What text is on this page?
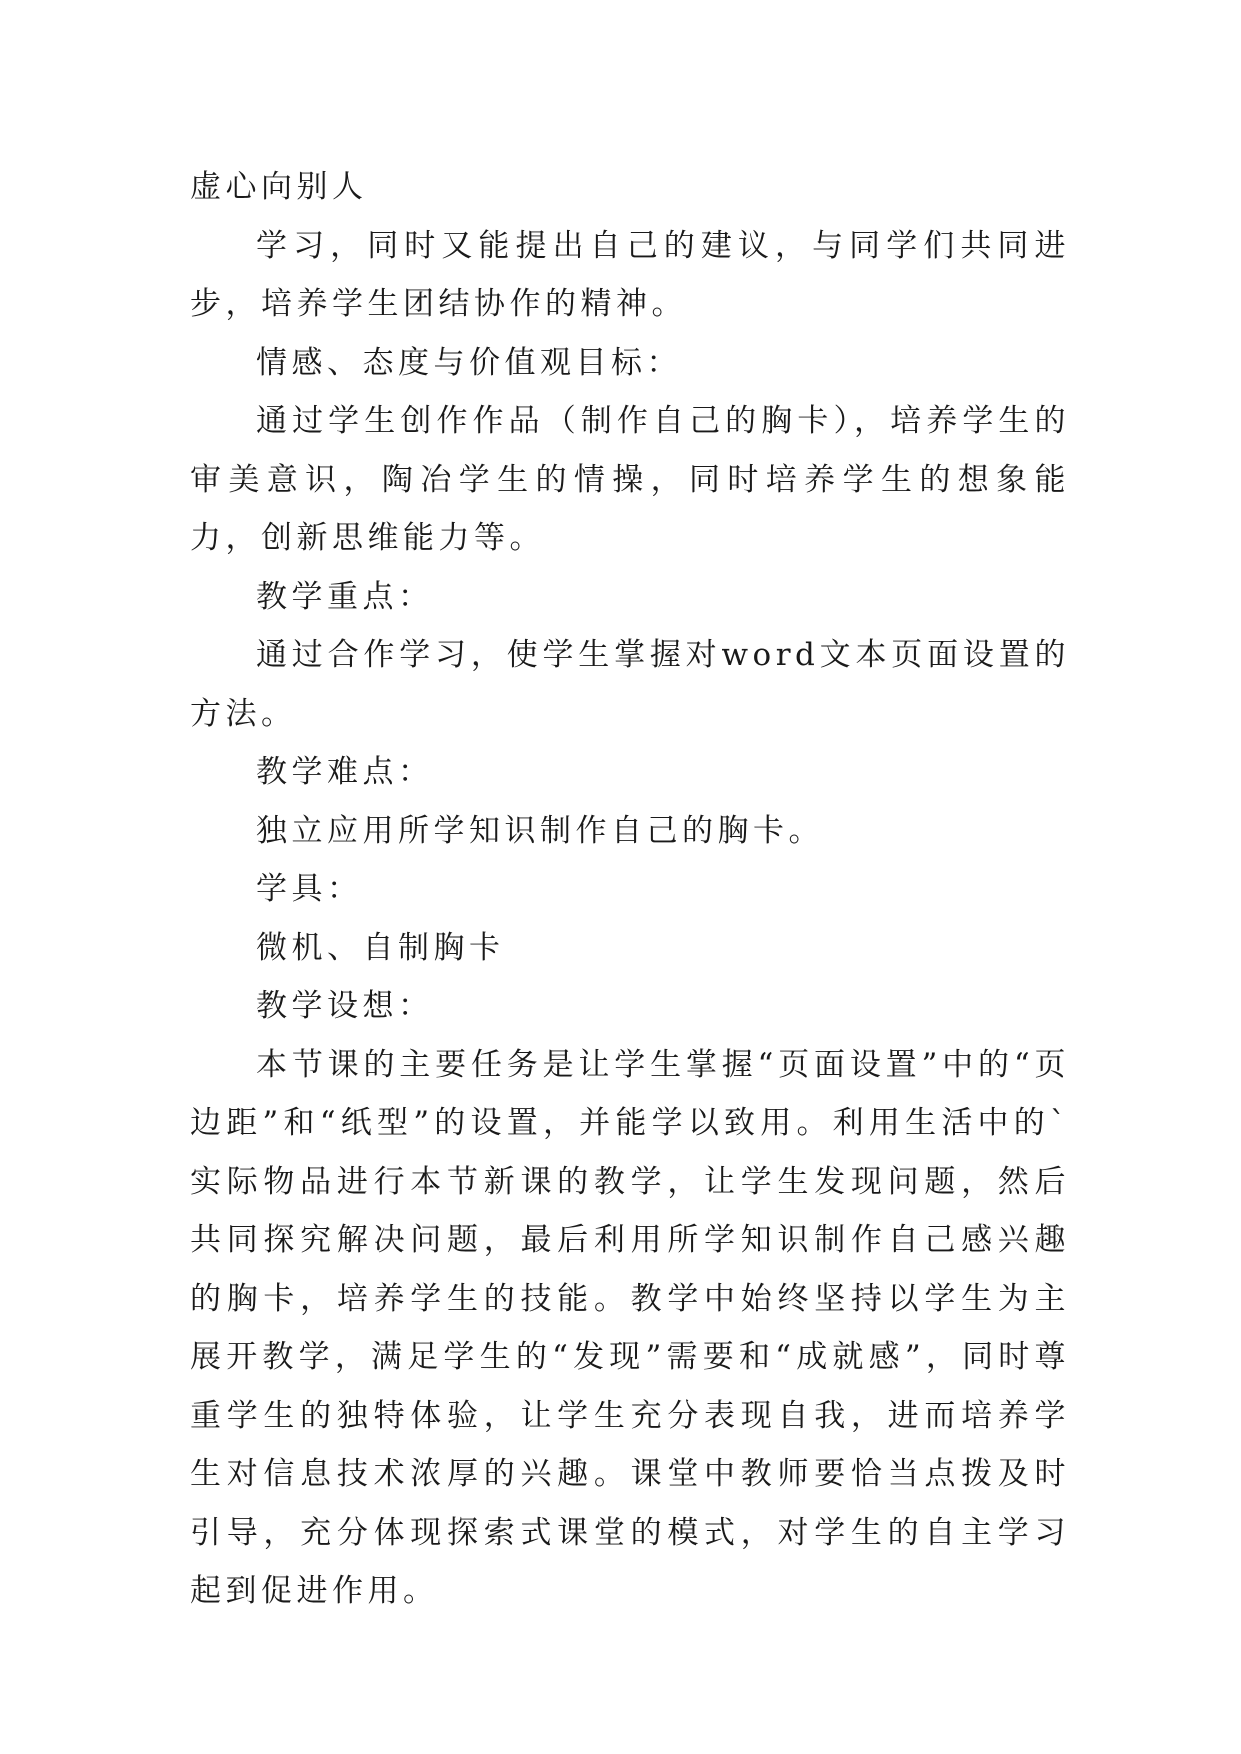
虚心向别人

学习，同时又能提出自己的建议，与同学们共同进步，培养学生团结协作的精神。

情感、态度与价值观目标：

通过学生创作作品（制作自己的胸卡），培养学生的审美意识，陶冶学生的情操，同时培养学生的想象能力，创新思维能力等。

教学重点：

通过合作学习，使学生掌握对word文本页面设置的方法。

教学难点：

独立应用所学知识制作自己的胸卡。

学具：

微机、自制胸卡

教学设想：

本节课的主要任务是让学生掌握“页面设置”中的“页边距”和“纸型”的设置，并能学以致用。利用生活中的`实际物品进行本节新课的教学，让学生发现问题，然后共同探究解决问题，最后利用所学知识制作自己感兴趣的胸卡，培养学生的技能。教学中始终坚持以学生为主展开教学，满足学生的“发现”需要和“成就感”，同时尊重学生的独特体验，让学生充分表现自我，进而培养学生对信息技术浓厚的兴趣。课堂中教师要恰当点拨及时引导，充分体现探索式课堂的模式，对学生的自主学习起到促进作用。
